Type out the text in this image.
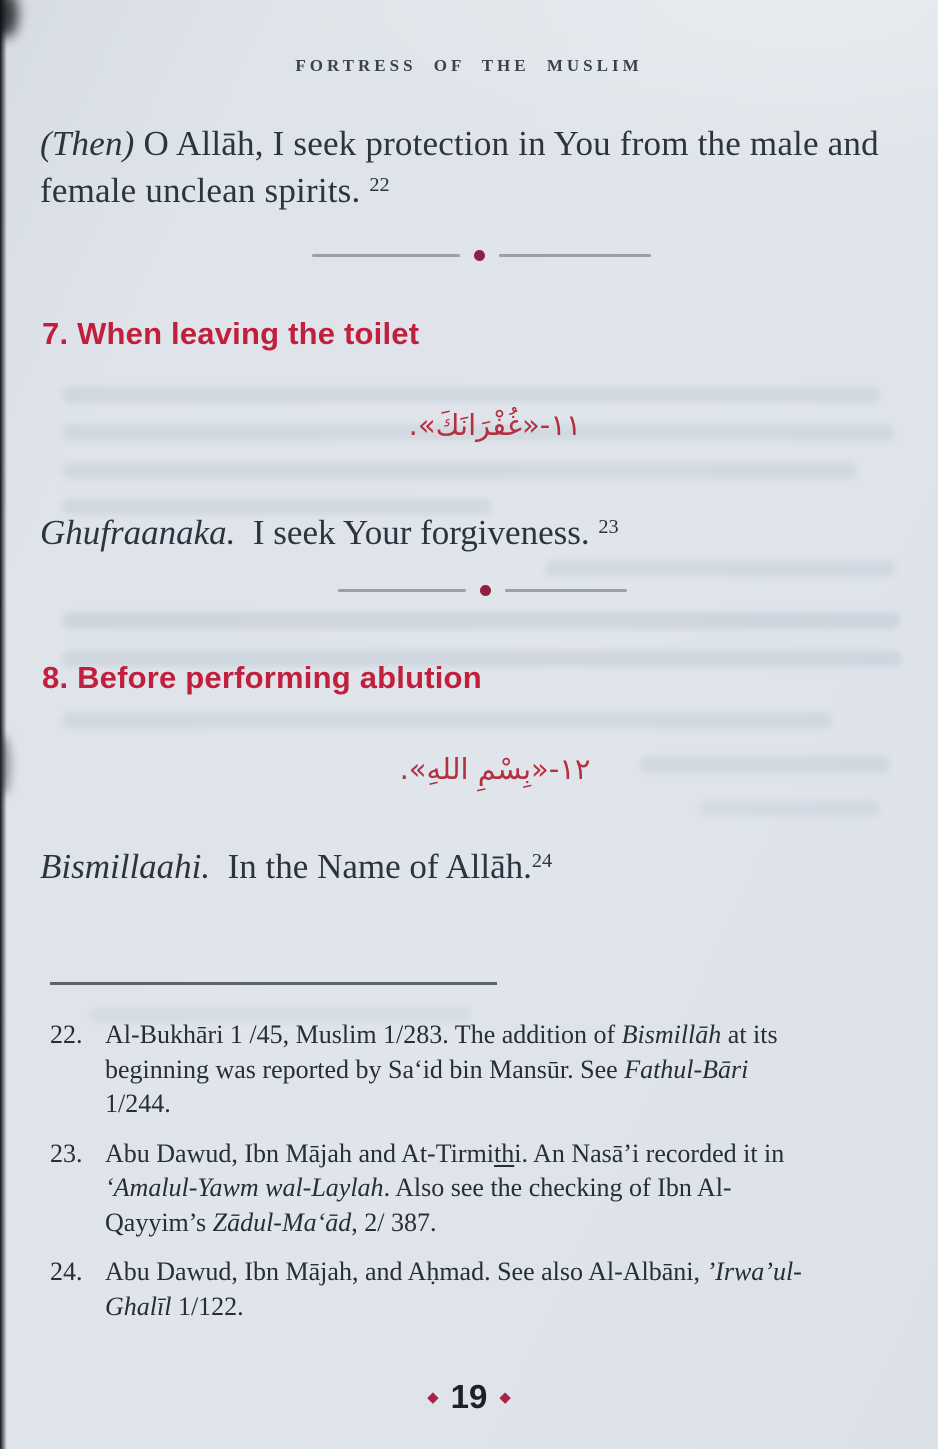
FORTRESS OF THE MUSLIM
(Then) O Allāh, I seek protection in You from the male and female unclean spirits. $^{22}$
7. When leaving the toilet
١١-«غُفْرَانَكَ».
Ghufraanaka.  I seek Your forgiveness. $^{23}$
8. Before performing ablution
١٢-«بِسْمِ اللهِ».
Bismillaahi.  In the Name of Allāh.$^{24}$
22. Al-Bukhāri 1 /45, Muslim 1/283. The addition of Bismillāh at its beginning was reported by Sa‘id bin Mansūr. See Fathul-Bāri 1/244.
23. Abu Dawud, Ibn Mājah and At-Tirmithi. An Nasā’i recorded it in ‘Amalul-Yawm wal-Laylah. Also see the checking of Ibn Al-Qayyim’s Zādul-Ma‘ād, 2/ 387.
24. Abu Dawud, Ibn Mājah, and Aḥmad. See also Al-Albāni, ’Irwa’ul-Ghalīl 1/122.
◆ 19 ◆
